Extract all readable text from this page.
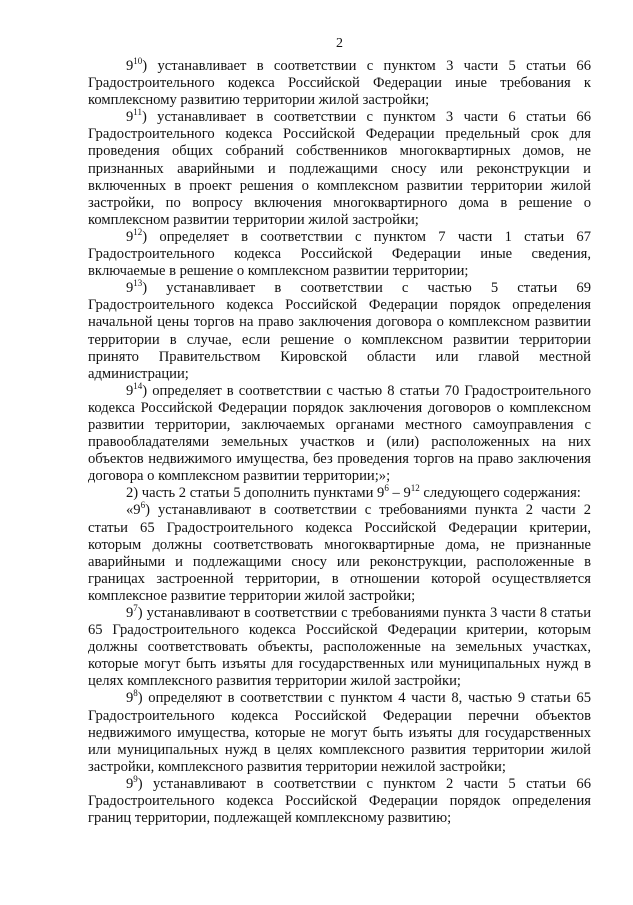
2

$9^{10}$) устанавливает в соответствии с пунктом 3 части 5 статьи 66 Градостроительного кодекса Российской Федерации иные требования к комплексному развитию территории жилой застройки;

$9^{11}$) устанавливает в соответствии с пунктом 3 части 6 статьи 66 Градостроительного кодекса Российской Федерации предельный срок для проведения общих собраний собственников многоквартирных домов, не признанных аварийными и подлежащими сносу или реконструкции и включенных в проект решения о комплексном развитии территории жилой застройки, по вопросу включения многоквартирного дома в решение о комплексном развитии территории жилой застройки;

$9^{12}$) определяет в соответствии с пунктом 7 части 1 статьи 67 Градостроительного кодекса Российской Федерации иные сведения, включаемые в решение о комплексном развитии территории;

$9^{13}$) устанавливает в соответствии с частью 5 статьи 69 Градостроительного кодекса Российской Федерации порядок определения начальной цены торгов на право заключения договора о комплексном развитии территории в случае, если решение о комплексном развитии территории принято Правительством Кировской области или главой местной администрации;

$9^{14}$) определяет в соответствии с частью 8 статьи 70 Градостроительного кодекса Российской Федерации порядок заключения договоров о комплексном развитии территории, заключаемых органами местного самоуправления с правообладателями земельных участков и (или) расположенных на них объектов недвижимого имущества, без проведения торгов на право заключения договора о комплексном развитии территории;»;

2) часть 2 статьи 5 дополнить пунктами $9^6 - 9^{12}$ следующего содержания:

«$9^6$) устанавливают в соответствии с требованиями пункта 2 части 2 статьи 65 Градостроительного кодекса Российской Федерации критерии, которым должны соответствовать многоквартирные дома, не признанные аварийными и подлежащими сносу или реконструкции, расположенные в границах застроенной территории, в отношении которой осуществляется комплексное развитие территории жилой застройки;

$9^7$) устанавливают в соответствии с требованиями пункта 3 части 8 статьи 65 Градостроительного кодекса Российской Федерации критерии, которым должны соответствовать объекты, расположенные на земельных участках, которые могут быть изъяты для государственных или муниципальных нужд в целях комплексного развития территории жилой застройки;

$9^8$) определяют в соответствии с пунктом 4 части 8, частью 9 статьи 65 Градостроительного кодекса Российской Федерации перечни объектов недвижимого имущества, которые не могут быть изъяты для государственных или муниципальных нужд в целях комплексного развития территории жилой застройки, комплексного развития территории нежилой застройки;

$9^9$) устанавливают в соответствии с пунктом 2 части 5 статьи 66 Градостроительного кодекса Российской Федерации порядок определения границ территории, подлежащей комплексному развитию;
